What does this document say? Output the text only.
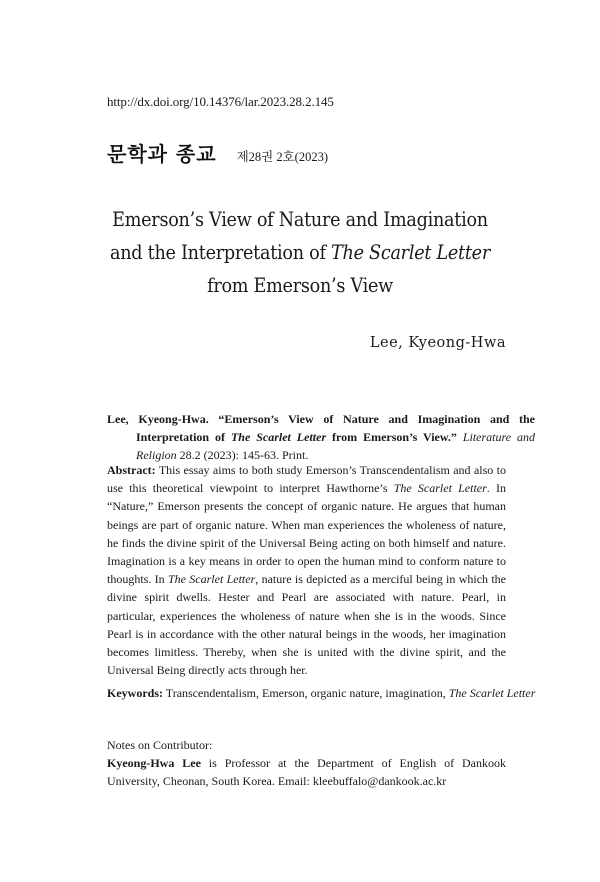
http://dx.doi.org/10.14376/lar.2023.28.2.145
문학과 종교 제28권 2호(2023)
Emerson’s View of Nature and Imagination
and the Interpretation of The Scarlet Letter
from Emerson’s View
Lee, Kyeong-Hwa
Lee, Kyeong-Hwa. “Emerson’s View of Nature and Imagination and the Interpretation of The Scarlet Letter from Emerson’s View.” Literature and Religion 28.2 (2023): 145-63. Print.
Abstract: This essay aims to both study Emerson’s Transcendentalism and also to use this theoretical viewpoint to interpret Hawthorne’s The Scarlet Letter. In “Nature,” Emerson presents the concept of organic nature. He argues that human beings are part of organic nature. When man experiences the wholeness of nature, he finds the divine spirit of the Universal Being acting on both himself and nature. Imagination is a key means in order to open the human mind to conform nature to thoughts. In The Scarlet Letter, nature is depicted as a merciful being in which the divine spirit dwells. Hester and Pearl are associated with nature. Pearl, in particular, experiences the wholeness of nature when she is in the woods. Since Pearl is in accordance with the other natural beings in the woods, her imagination becomes limitless. Thereby, when she is united with the divine spirit, and the Universal Being directly acts through her.
Keywords: Transcendentalism, Emerson, organic nature, imagination, The Scarlet Letter
Notes on Contributor:
Kyeong-Hwa Lee is Professor at the Department of English of Dankook University, Cheonan, South Korea. Email: kleebuffalo@dankook.ac.kr
